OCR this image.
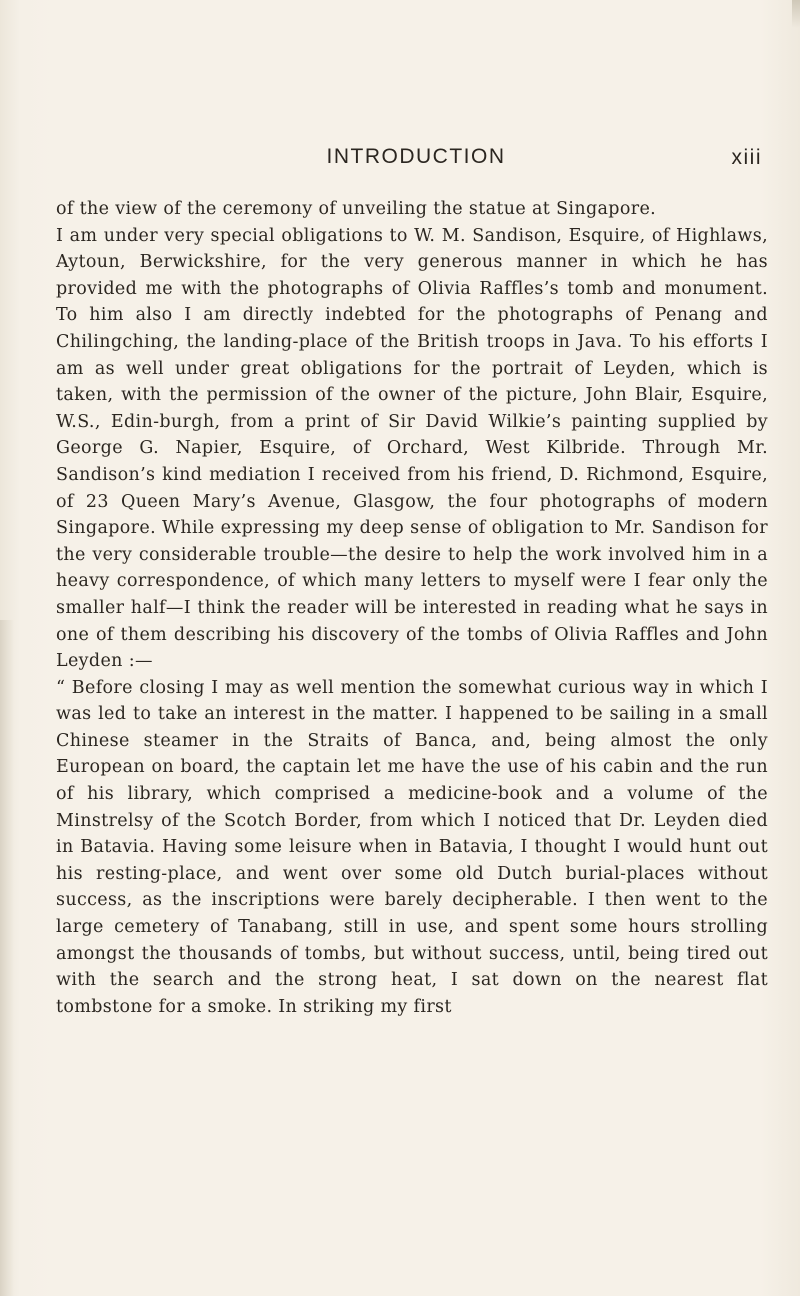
INTRODUCTION	xiii

of the view of the ceremony of unveiling the statue at Singapore.

I am under very special obligations to W. M. Sandison, Esquire, of Highlaws, Aytoun, Berwickshire, for the very generous manner in which he has provided me with the photographs of Olivia Raffles’s tomb and monument. To him also I am directly indebted for the photographs of Penang and Chilingching, the landing-place of the British troops in Java. To his efforts I am as well under great obligations for the portrait of Leyden, which is taken, with the permission of the owner of the picture, John Blair, Esquire, W.S., Edin-burgh, from a print of Sir David Wilkie’s painting supplied by George G. Napier, Esquire, of Orchard, West Kilbride. Through Mr. Sandison’s kind mediation I received from his friend, D. Richmond, Esquire, of 23 Queen Mary’s Avenue, Glasgow, the four photographs of modern Singapore. While expressing my deep sense of obligation to Mr. Sandison for the very considerable trouble—the desire to help the work involved him in a heavy correspondence, of which many letters to myself were I fear only the smaller half—I think the reader will be interested in reading what he says in one of them describing his discovery of the tombs of Olivia Raffles and John Leyden :—

“ Before closing I may as well mention the somewhat curious way in which I was led to take an interest in the matter. I happened to be sailing in a small Chinese steamer in the Straits of Banca, and, being almost the only European on board, the captain let me have the use of his cabin and the run of his library, which comprised a medicine-book and a volume of the Minstrelsy of the Scotch Border, from which I noticed that Dr. Leyden died in Batavia. Having some leisure when in Batavia, I thought I would hunt out his resting-place, and went over some old Dutch burial-places without success, as the inscriptions were barely decipherable. I then went to the large cemetery of Tanabang, still in use, and spent some hours strolling amongst the thousands of tombs, but without success, until, being tired out with the search and the strong heat, I sat down on the nearest flat tombstone for a smoke. In striking my first
